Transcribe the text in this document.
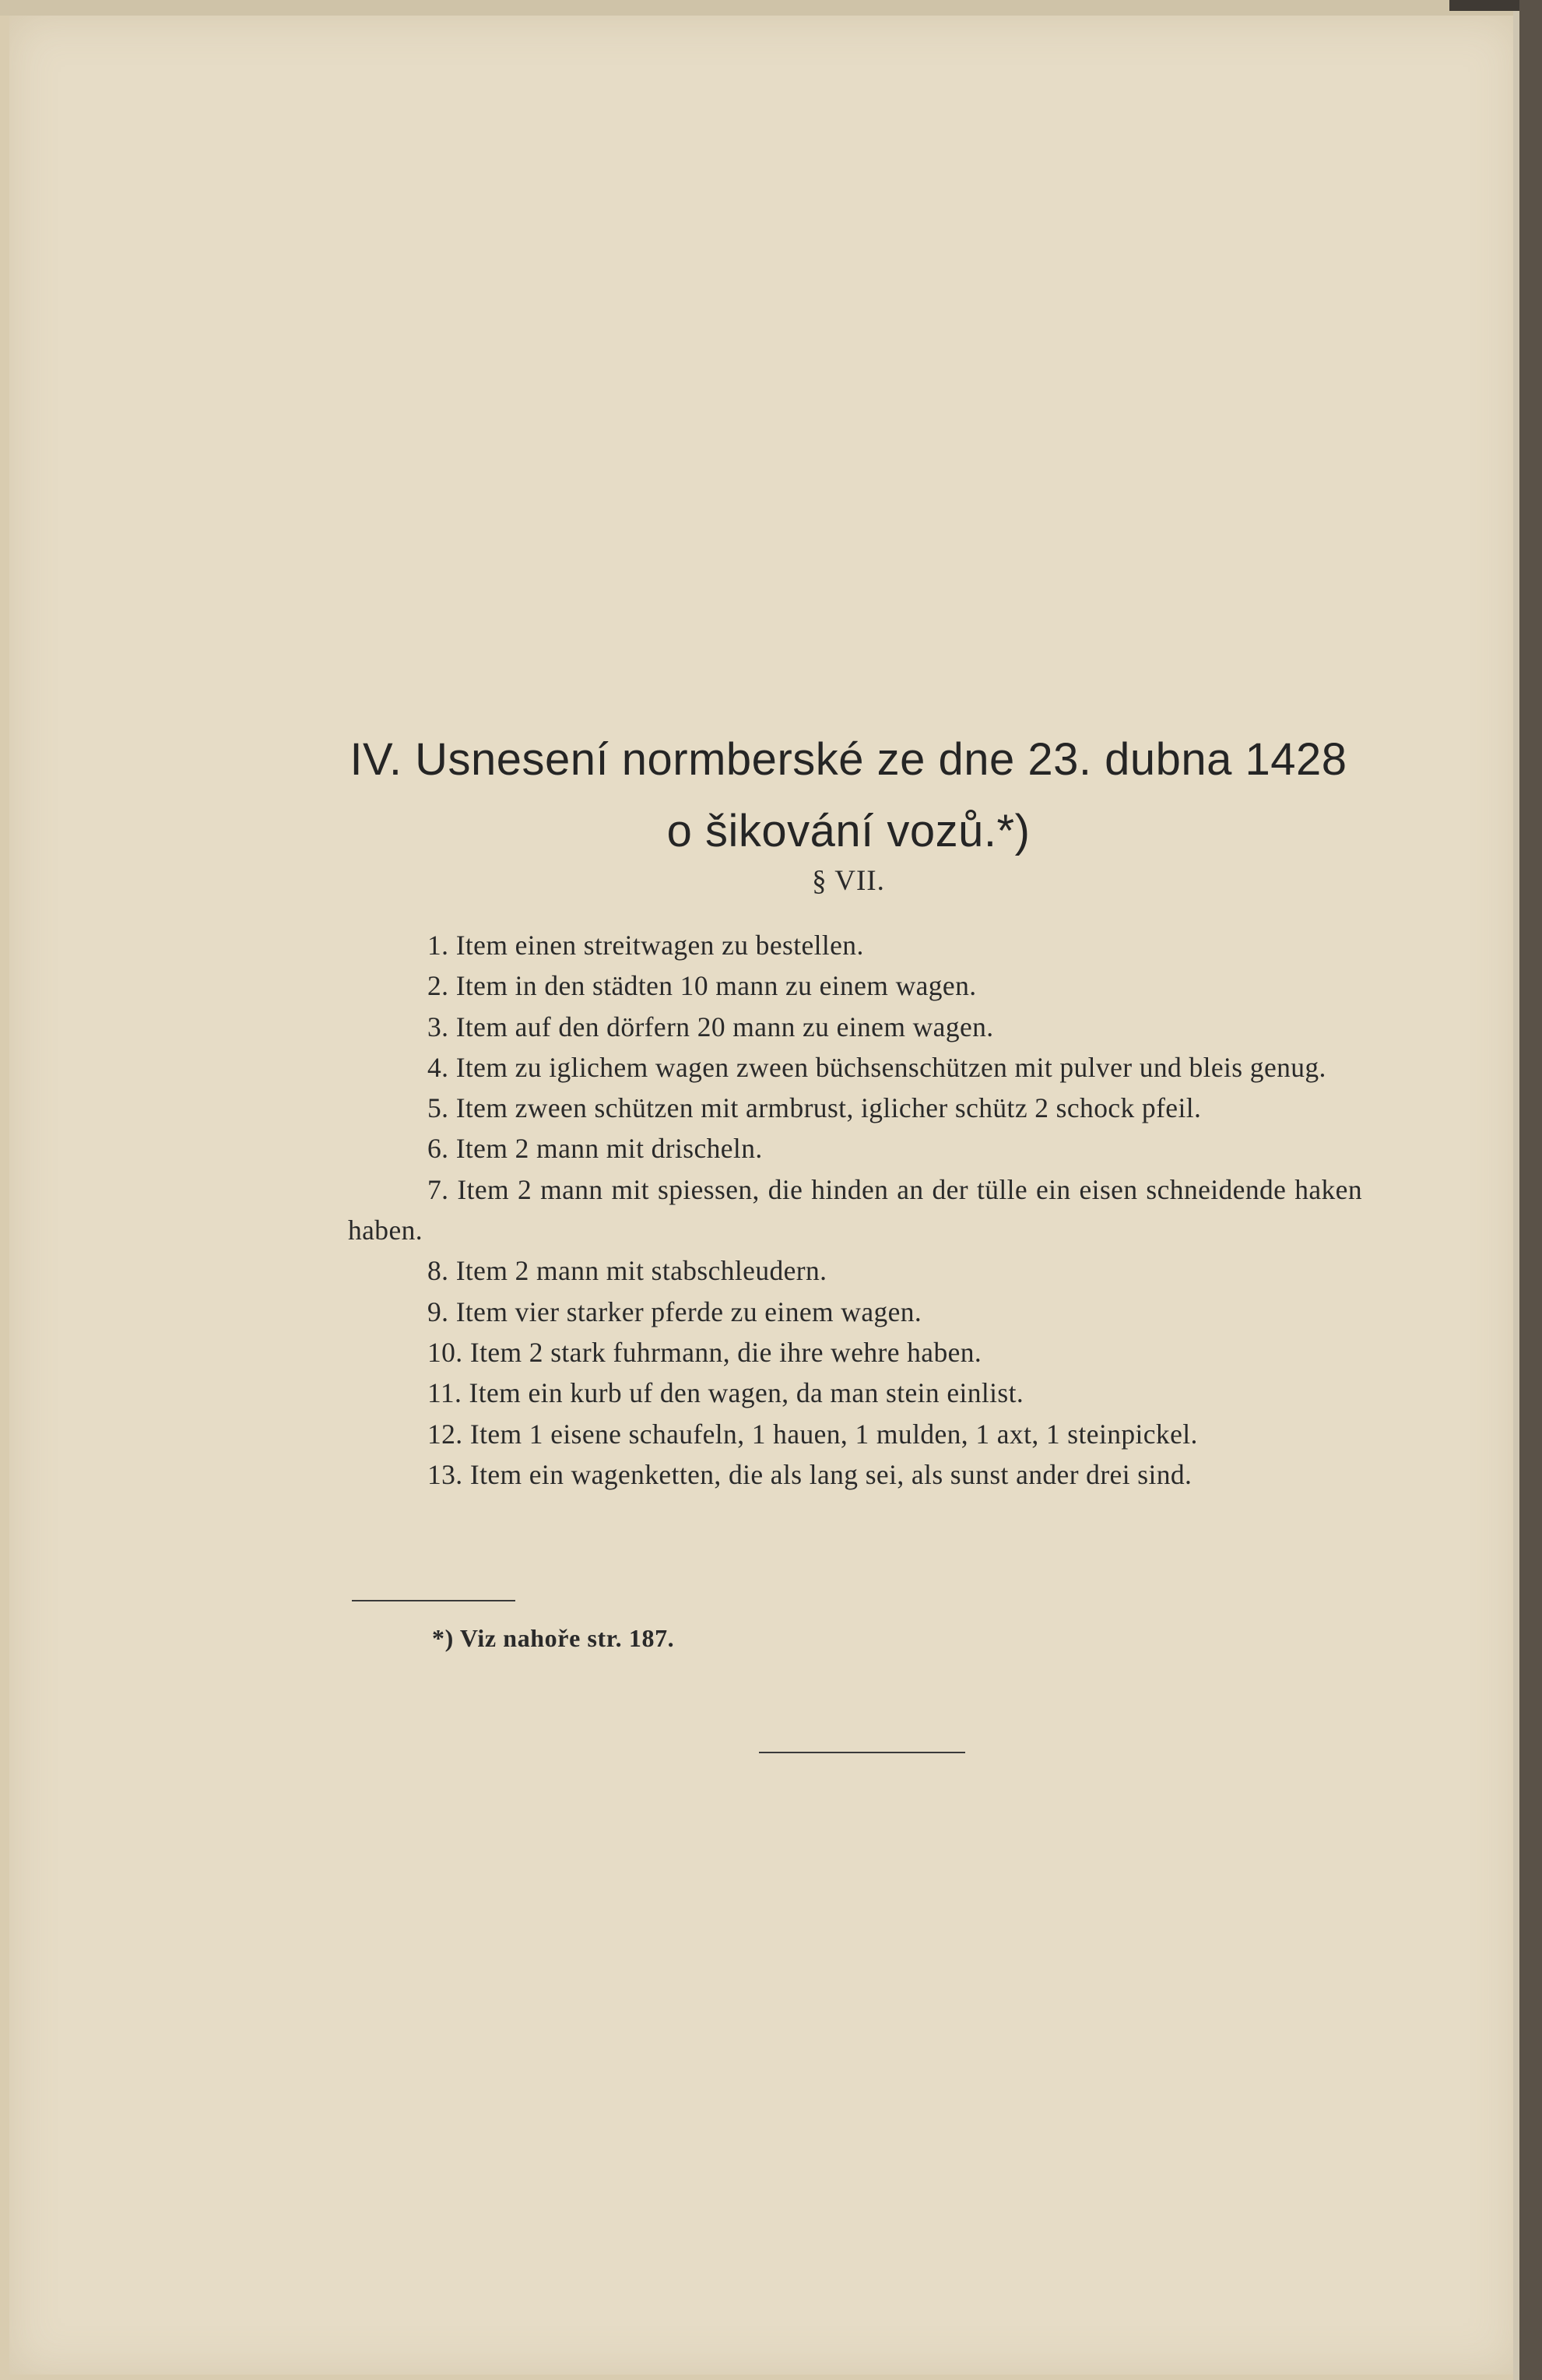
IV. Usnesení normberské ze dne 23. dubna 1428
o šikování vozů.*)
§ VII.

1. Item einen streitwagen zu bestellen.

2. Item in den städten 10 mann zu einem wagen.

3. Item auf den dörfern 20 mann zu einem wagen.

4. Item zu iglichem wagen zween büchsenschützen mit pulver und bleis genug.

5. Item zween schützen mit armbrust, iglicher schütz 2 schock pfeil.

6. Item 2 mann mit drischeln.

7. Item 2 mann mit spiessen, die hinden an der tülle ein eisen schneidende haken haben.

8. Item 2 mann mit stabschleudern.

9. Item vier starker pferde zu einem wagen.

10. Item 2 stark fuhrmann, die ihre wehre haben.

11. Item ein kurb uf den wagen, da man stein einlist.

12. Item 1 eisene schaufeln, 1 hauen, 1 mulden, 1 axt, 1 steinpickel.

13. Item ein wagenketten, die als lang sei, als sunst ander drei sind.

*) Viz nahoře str. 187.
